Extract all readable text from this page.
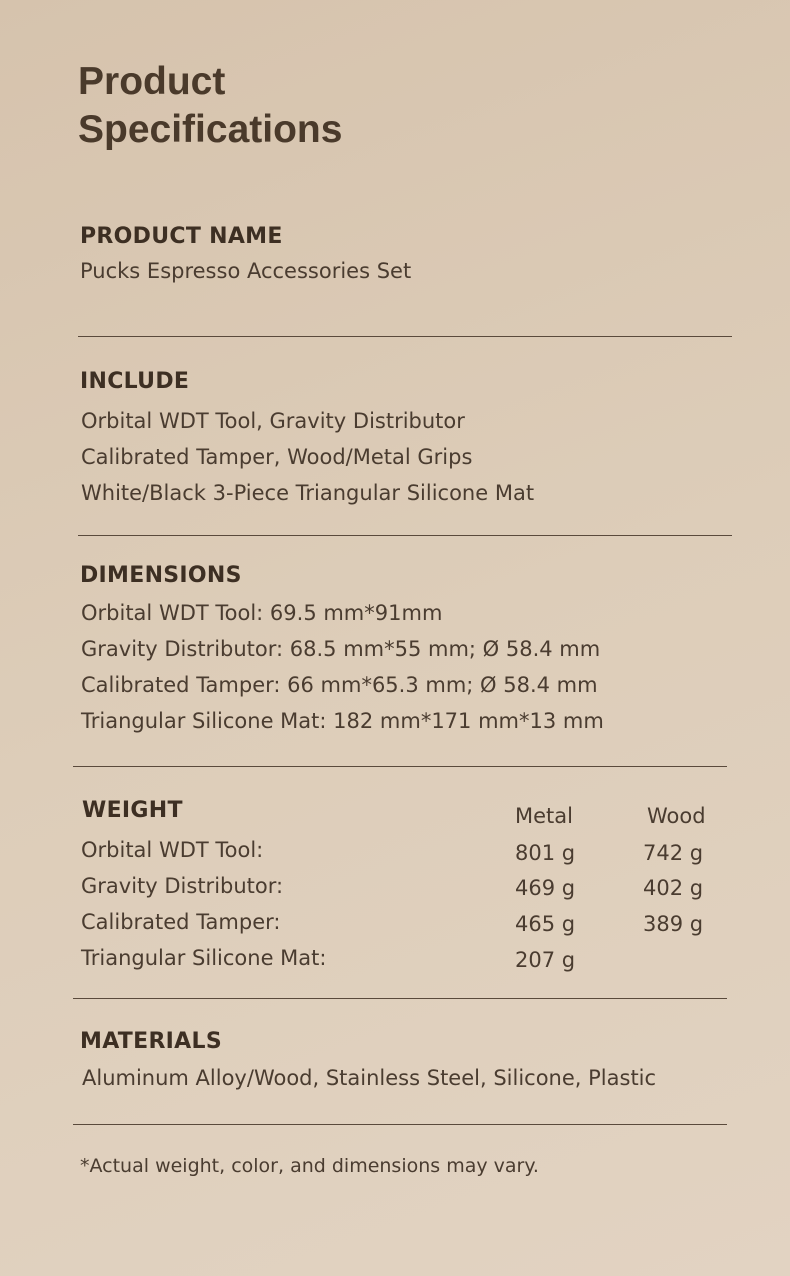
Product
Specifications
PRODUCT NAME
Pucks Espresso Accessories Set
INCLUDE
Orbital WDT Tool, Gravity Distributor
Calibrated Tamper, Wood/Metal Grips
White/Black 3-Piece Triangular Silicone Mat
DIMENSIONS
Orbital WDT Tool: 69.5 mm*91mm
Gravity Distributor: 68.5 mm*55 mm; Ø 58.4 mm
Calibrated Tamper: 66 mm*65.3 mm; Ø 58.4 mm
Triangular Silicone Mat: 182 mm*171 mm*13 mm
WEIGHT	Metal	Wood
Orbital WDT Tool:	801 g	742 g
Gravity Distributor:	469 g	402 g
Calibrated Tamper:	465 g	389 g
Triangular Silicone Mat:	207 g
MATERIALS
Aluminum Alloy/Wood, Stainless Steel, Silicone, Plastic
*Actual weight, color, and dimensions may vary.
